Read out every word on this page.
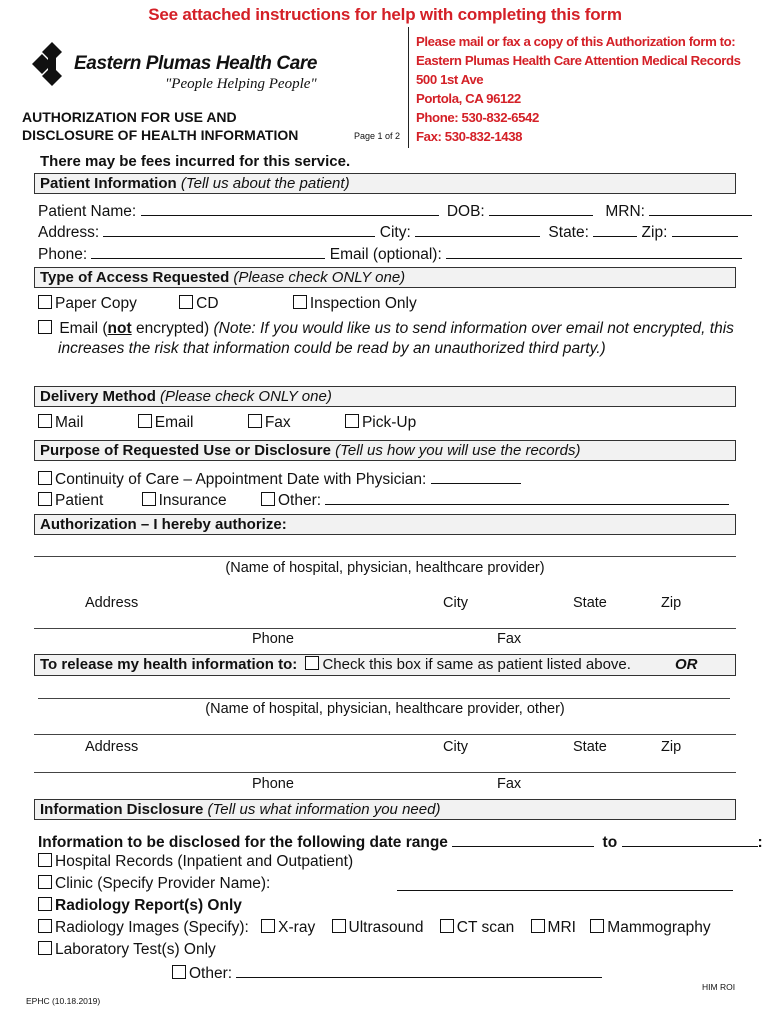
See attached instructions for help with completing this form
Eastern Plumas Health Care
"People Helping People"
AUTHORIZATION FOR USE AND
DISCLOSURE OF HEALTH INFORMATION	Page 1 of 2
Please mail or fax a copy of this Authorization form to:
Eastern Plumas Health Care Attention Medical Records
500 1st Ave
Portola, CA 96122
Phone: 530-832-6542
Fax: 530-832-1438
There may be fees incurred for this service.
Patient Information (Tell us about the patient)
Patient Name:	DOB:	MRN:
Address:	City:	State:	Zip:
Phone:	Email (optional):
Type of Access Requested (Please check ONLY one)
Paper Copy	CD	Inspection Only
Email (not encrypted) (Note: If you would like us to send information over email not encrypted, this
increases the risk that information could be read by an unauthorized third party.)
Delivery Method (Please check ONLY one)
Mail	Email	Fax	Pick-Up
Purpose of Requested Use or Disclosure (Tell us how you will use the records)
Continuity of Care – Appointment Date with Physician:
Patient	Insurance	Other:
Authorization – I hereby authorize:
(Name of hospital, physician, healthcare provider)
Address	City	State	Zip
Phone	Fax
To release my health information to: Check this box if same as patient listed above.	OR
(Name of hospital, physician, healthcare provider, other)
Address	City	State	Zip
Phone	Fax
Information Disclosure (Tell us what information you need)
Information to be disclosed for the following date range	to	:
Hospital Records (Inpatient and Outpatient)
Clinic (Specify Provider Name):
Radiology Report(s) Only
Radiology Images (Specify): X-ray Ultrasound CT scan MRI Mammography
Laboratory Test(s) Only
Other:
HIM ROI
EPHC (10.18.2019)
